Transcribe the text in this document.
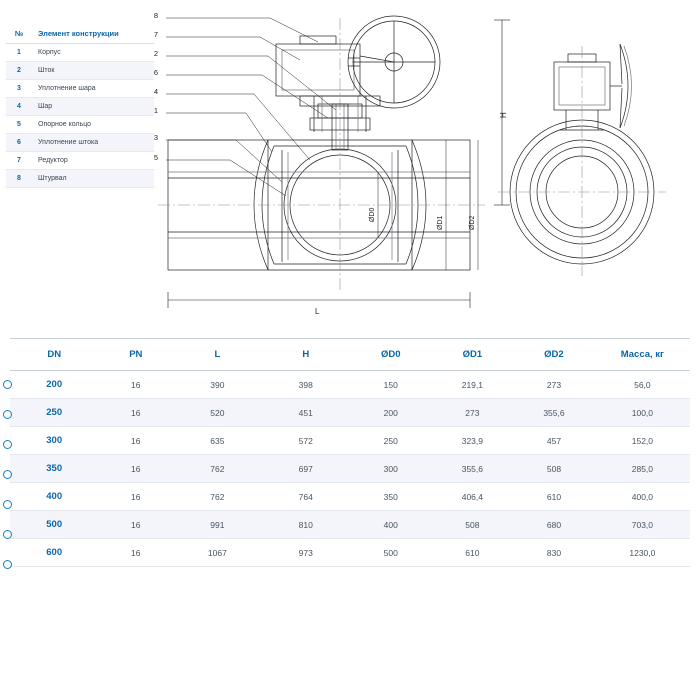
№	Элемент конструкции
1	Корпус
2	Шток
3	Уплотнение шара
4	Шар
5	Опорное кольцо
6	Уплотнение штока
7	Редуктор
8	Штурвал
L
H
ØD0
ØD1	ØD2
8
7
2
6
4
1
3
5
DN	PN	L	H	ØD0	ØD1	ØD2	Масса, кг
200	16	390	398	150	219,1	273	56,0
250	16	520	451	200	273	355,6	100,0
300	16	635	572	250	323,9	457	152,0
350	16	762	697	300	355,6	508	285,0
400	16	762	764	350	406,4	610	400,0
500	16	991	810	400	508	680	703,0
600	16	1067	973	500	610	830	1230,0
